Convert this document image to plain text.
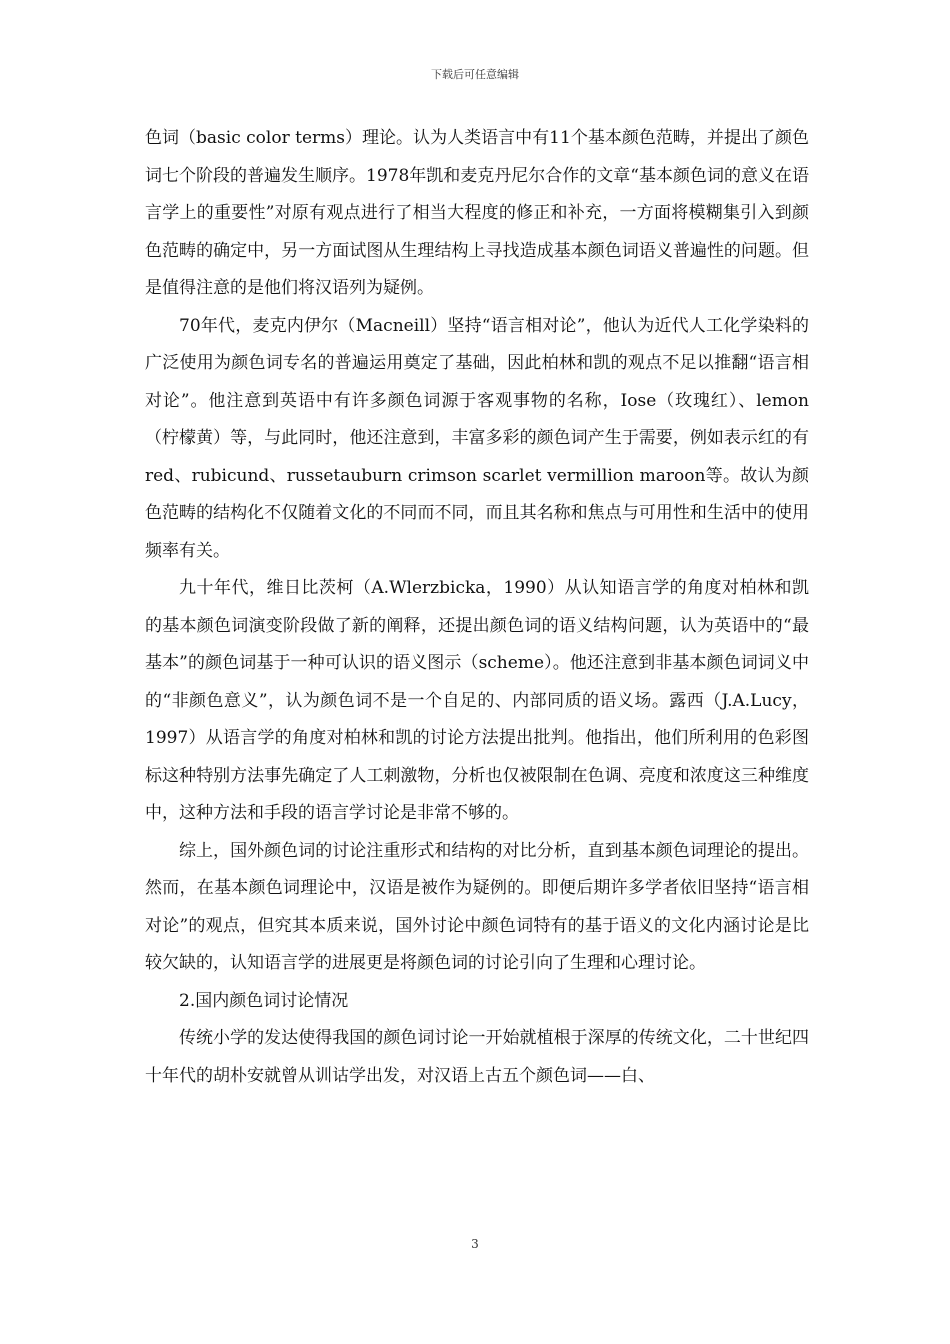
下载后可任意编辑

色词（basic color terms）理论。认为人类语言中有11个基本颜色范畴，并提出了颜色词七个阶段的普遍发生顺序。1978年凯和麦克丹尼尔合作的文章“基本颜色词的意义在语言学上的重要性”对原有观点进行了相当大程度的修正和补充，一方面将模糊集引入到颜色范畴的确定中，另一方面试图从生理结构上寻找造成基本颜色词语义普遍性的问题。但是值得注意的是他们将汉语列为疑例。

70年代，麦克内伊尔（Macneill）坚持“语言相对论”，他认为近代人工化学染料的广泛使用为颜色词专名的普遍运用奠定了基础，因此柏林和凯的观点不足以推翻“语言相对论”。他注意到英语中有许多颜色词源于客观事物的名称，Iose（玫瑰红）、lemon（柠檬黄）等，与此同时，他还注意到，丰富多彩的颜色词产生于需要，例如表示红的有red、rubicund、russetauburn crimson scarlet vermillion maroon等。故认为颜色范畴的结构化不仅随着文化的不同而不同，而且其名称和焦点与可用性和生活中的使用频率有关。

九十年代，维日比茨柯（A.Wlerzbicka，1990）从认知语言学的角度对柏林和凯的基本颜色词演变阶段做了新的阐释，还提出颜色词的语义结构问题，认为英语中的“最基本”的颜色词基于一种可认识的语义图示（scheme）。他还注意到非基本颜色词词义中的“非颜色意义”，认为颜色词不是一个自足的、内部同质的语义场。露西（J.A.Lucy，1997）从语言学的角度对柏林和凯的讨论方法提出批判。他指出，他们所利用的色彩图标这种特别方法事先确定了人工刺激物，分析也仅被限制在色调、亮度和浓度这三种维度中，这种方法和手段的语言学讨论是非常不够的。

综上，国外颜色词的讨论注重形式和结构的对比分析，直到基本颜色词理论的提出。然而，在基本颜色词理论中，汉语是被作为疑例的。即便后期许多学者依旧坚持“语言相对论”的观点，但究其本质来说，国外讨论中颜色词特有的基于语义的文化内涵讨论是比较欠缺的，认知语言学的进展更是将颜色词的讨论引向了生理和心理讨论。

2.国内颜色词讨论情况

传统小学的发达使得我国的颜色词讨论一开始就植根于深厚的传统文化，二十世纪四十年代的胡朴安就曾从训诂学出发，对汉语上古五个颜色词——白、

3
